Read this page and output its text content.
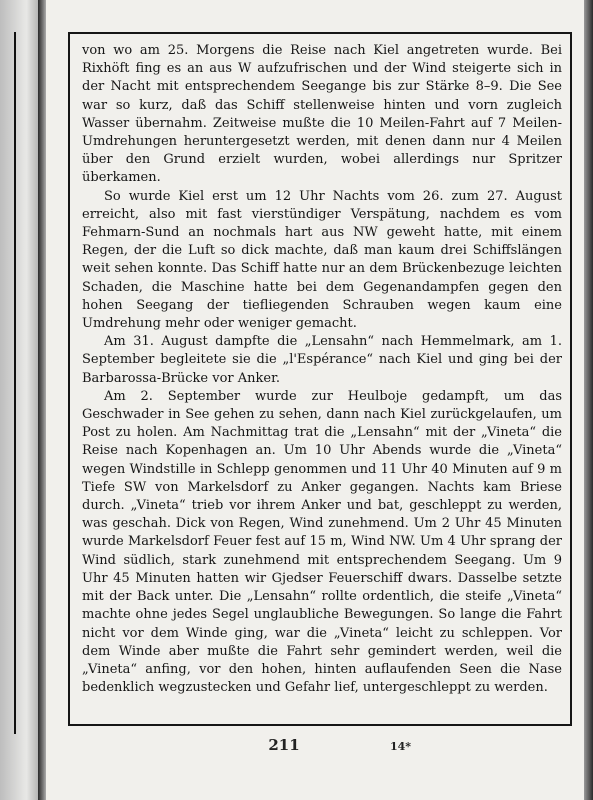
von wo am 25. Morgens die Reise nach Kiel angetreten wurde. Bei Rixhöft fing es an aus W aufzufrischen und der Wind steigerte sich in der Nacht mit entsprechendem Seegange bis zur Stärke 8–9. Die See war so kurz, daß das Schiff stellenweise hinten und vorn zugleich Wasser übernahm. Zeitweise mußte die 10 Meilen-Fahrt auf 7 Meilen-Umdrehungen heruntergesetzt werden, mit denen dann nur 4 Meilen über den Grund erzielt wurden, wobei allerdings nur Spritzer überkamen.

So wurde Kiel erst um 12 Uhr Nachts vom 26. zum 27. August erreicht, also mit fast vierstündiger Verspätung, nachdem es vom Fehmarn-Sund an nochmals hart aus NW geweht hatte, mit einem Regen, der die Luft so dick machte, daß man kaum drei Schiffslängen weit sehen konnte. Das Schiff hatte nur an dem Brückenbezuge leichten Schaden, die Maschine hatte bei dem Gegenandampfen gegen den hohen Seegang der tiefliegenden Schrauben wegen kaum eine Umdrehung mehr oder weniger gemacht.

Am 31. August dampfte die „Lensahn“ nach Hemmelmark, am 1. September begleitete sie die „l'Espérance“ nach Kiel und ging bei der Barbarossa-Brücke vor Anker.

Am 2. September wurde zur Heulboje gedampft, um das Geschwader in See gehen zu sehen, dann nach Kiel zurückgelaufen, um Post zu holen. Am Nachmittag trat die „Lensahn“ mit der „Vineta“ die Reise nach Kopenhagen an. Um 10 Uhr Abends wurde die „Vineta“ wegen Windstille in Schlepp genommen und 11 Uhr 40 Minuten auf 9 m Tiefe SW von Markelsdorf zu Anker gegangen. Nachts kam Briese durch. „Vineta“ trieb vor ihrem Anker und bat, geschleppt zu werden, was geschah. Dick von Regen, Wind zunehmend. Um 2 Uhr 45 Minuten wurde Markelsdorf Feuer fest auf 15 m, Wind NW. Um 4 Uhr sprang der Wind südlich, stark zunehmend mit entsprechendem Seegang. Um 9 Uhr 45 Minuten hatten wir Gjedser Feuerschiff dwars. Dasselbe setzte mit der Back unter. Die „Lensahn“ rollte ordentlich, die steife „Vineta“ machte ohne jedes Segel unglaubliche Bewegungen. So lange die Fahrt nicht vor dem Winde ging, war die „Vineta“ leicht zu schleppen. Vor dem Winde aber mußte die Fahrt sehr gemindert werden, weil die „Vineta“ anfing, vor den hohen, hinten auflaufenden Seen die Nase bedenklich wegzustecken und Gefahr lief, untergeschleppt zu werden.

211	14*
